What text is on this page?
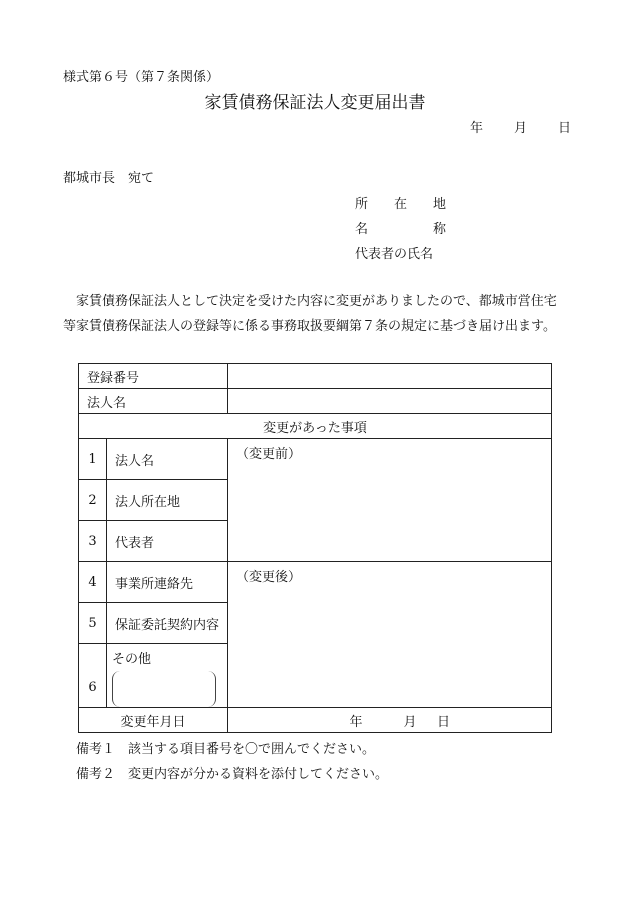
様式第６号（第７条関係）
家賃債務保証法人変更届出書
年 月 日
都城市長　宛て
所　　在　　地
名　　　　　称
代表者の氏名

家賃債務保証法人として決定を受けた内容に変更がありましたので、都城市営住宅等家賃債務保証法人の登録等に係る事務取扱要綱第７条の規定に基づき届け出ます。

登録番号		
法人名		
変更があった事項		
1	法人名	（変更前）
2	法人所在地	
3	代表者	
4	事業所連絡先	（変更後）
5	保証委託契約内容	
6	その他	

変更年月日		年 月 日
備考１　該当する項目番号を〇で囲んでください。
備考２　変更内容が分かる資料を添付してください。
